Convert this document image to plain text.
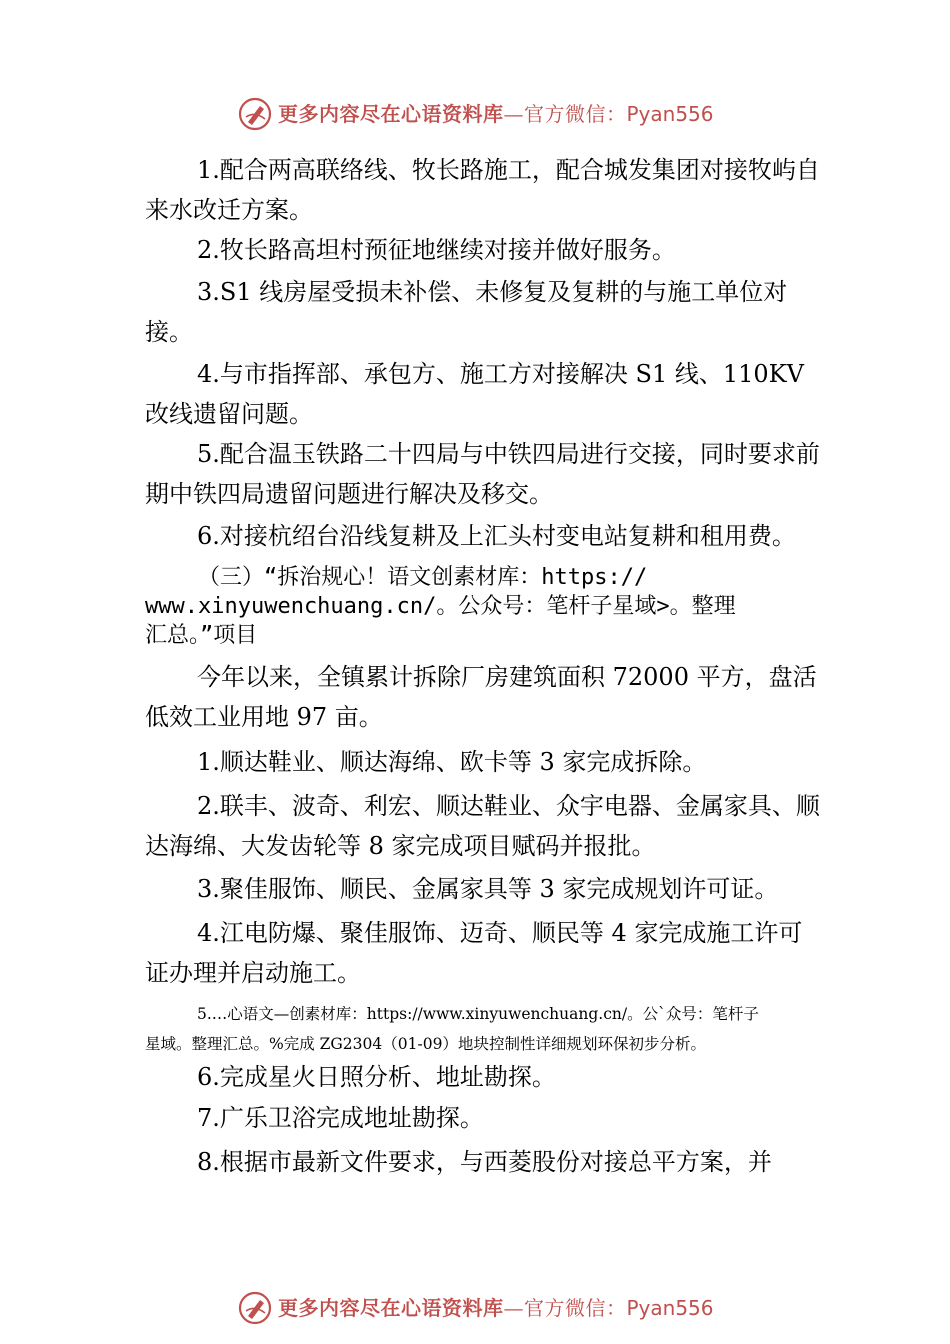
更多内容尽在心语资料库—官方微信：Pyan556

1.配合两高联络线、牧长路施工，配合城发集团对接牧屿自来水改迁方案。

2.牧长路高坦村预征地继续对接并做好服务。

3.S1 线房屋受损未补偿、未修复及复耕的与施工单位对接。

4.与市指挥部、承包方、施工方对接解决 S1 线、110KV 改线遗留问题。

5.配合温玉铁路二十四局与中铁四局进行交接，同时要求前期中铁四局遗留问题进行解决及移交。

6.对接杭绍台沿线复耕及上汇头村变电站复耕和租用费。

（三）“拆治规心！语文创素材库：https://
www.xinyuwenchuang.cn/。公众号：笔杆子星域>。整理
汇总。”项目

今年以来，全镇累计拆除厂房建筑面积 72000 平方，盘活低效工业用地 97 亩。

1.顺达鞋业、顺达海绵、欧卡等 3 家完成拆除。

2.联丰、波奇、利宏、顺达鞋业、众宇电器、金属家具、顺达海绵、大发齿轮等 8 家完成项目赋码并报批。

3.聚佳服饰、顺民、金属家具等 3 家完成规划许可证。

4.江电防爆、聚佳服饰、迈奇、顺民等 4 家完成施工许可证办理并启动施工。

5.…心语文—创素材库：https://www.xinyuwenchuang.cn/。公`众号：笔杆子
星域。整理汇总。%完成 ZG2304（01-09）地块控制性详细规划环保初步分析。

6.完成星火日照分析、地址勘探。

7.广乐卫浴完成地址勘探。

8.根据市最新文件要求，与西菱股份对接总平方案，并

更多内容尽在心语资料库—官方微信：Pyan556
